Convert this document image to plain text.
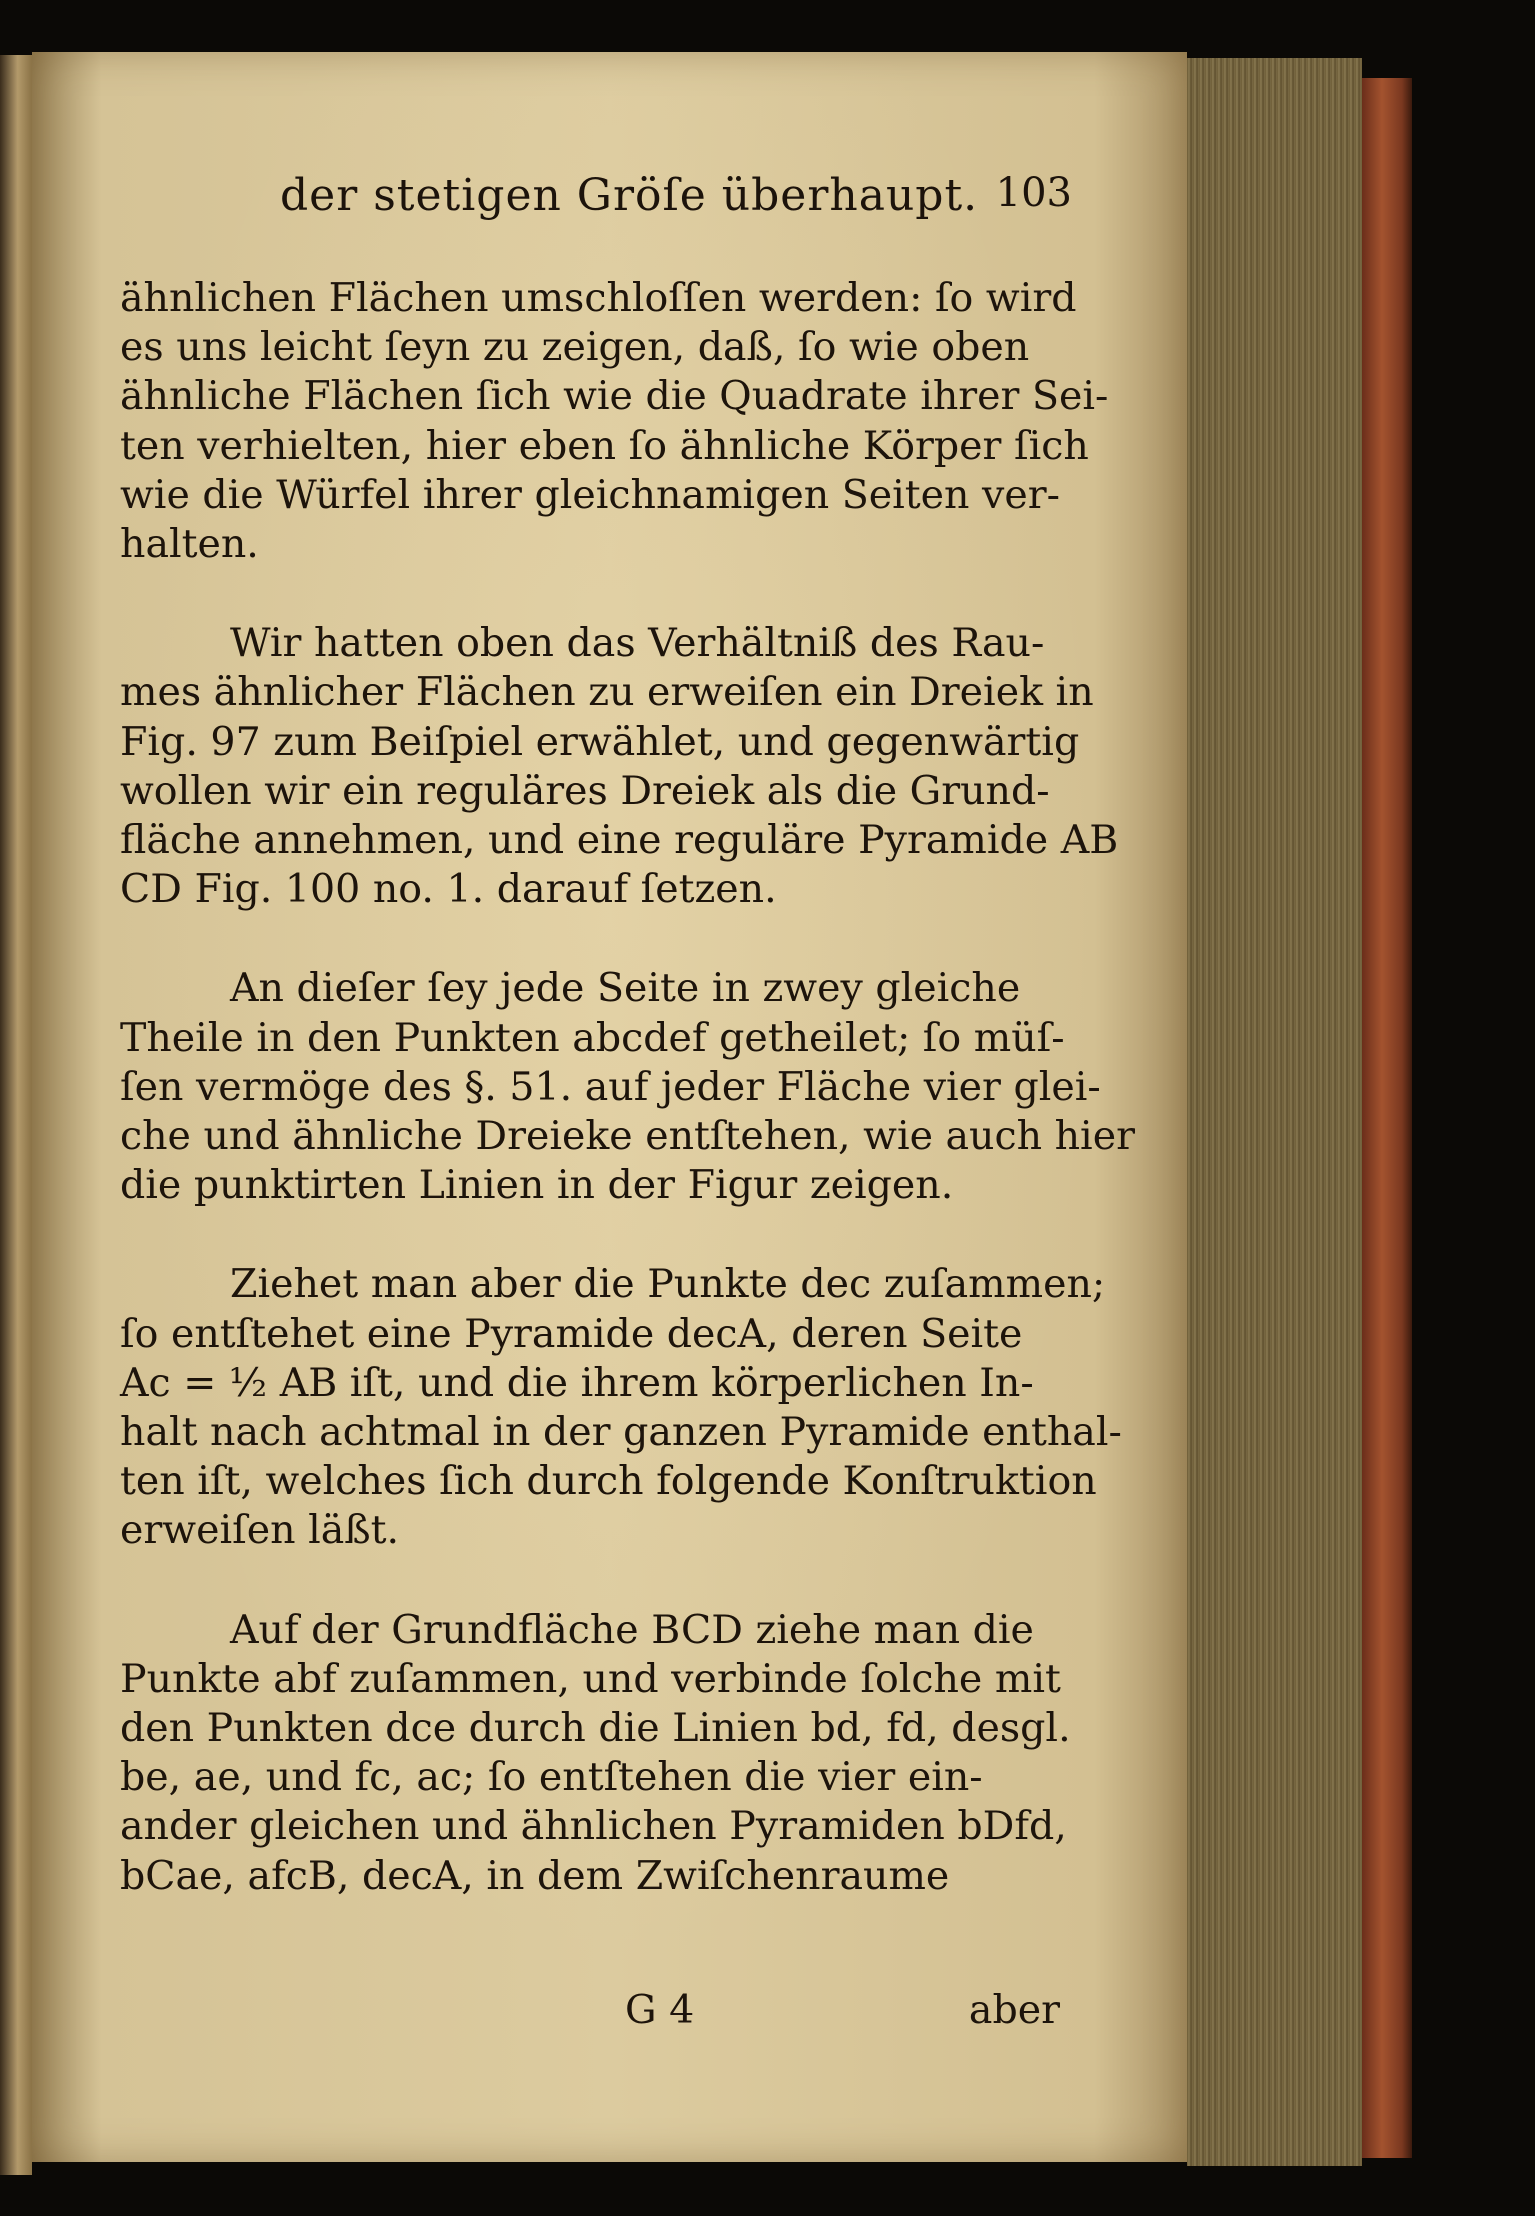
der stetigen Gröſe überhaupt. 103

ähnlichen Flächen umschloſſen werden: ſo wird
es uns leicht ſeyn zu zeigen, daß, ſo wie oben
ähnliche Flächen ſich wie die Quadrate ihrer Sei-
ten verhielten, hier eben ſo ähnliche Körper ſich
wie die Würfel ihrer gleichnamigen Seiten ver-
halten.

Wir hatten oben das Verhältniß des Rau-
mes ähnlicher Flächen zu erweiſen ein Dreiek in
Fig. 97 zum Beiſpiel erwählet, und gegenwärtig
wollen wir ein reguläres Dreiek als die Grund-
fläche annehmen, und eine reguläre Pyramide AB
CD Fig. 100 no. 1. darauf ſetzen.

An dieſer ſey jede Seite in zwey gleiche
Theile in den Punkten abcdef getheilet; ſo müſ-
ſen vermöge des §. 51. auf jeder Fläche vier glei-
che und ähnliche Dreieke entſtehen, wie auch hier
die punktirten Linien in der Figur zeigen.

Ziehet man aber die Punkte dec zuſammen;
ſo entſtehet eine Pyramide decA, deren Seite
Ac = ½ AB iſt, und die ihrem körperlichen In-
halt nach achtmal in der ganzen Pyramide enthal-
ten iſt, welches ſich durch folgende Konſtruktion
erweiſen läßt.

Auf der Grundfläche BCD ziehe man die
Punkte abf zuſammen, und verbinde ſolche mit
den Punkten dce durch die Linien bd, fd, desgl.
be, ae, und fc, ac; ſo entſtehen die vier ein-
ander gleichen und ähnlichen Pyramiden bDfd,
bCae, afcB, decA, in dem Zwiſchenraume

G 4	aber
